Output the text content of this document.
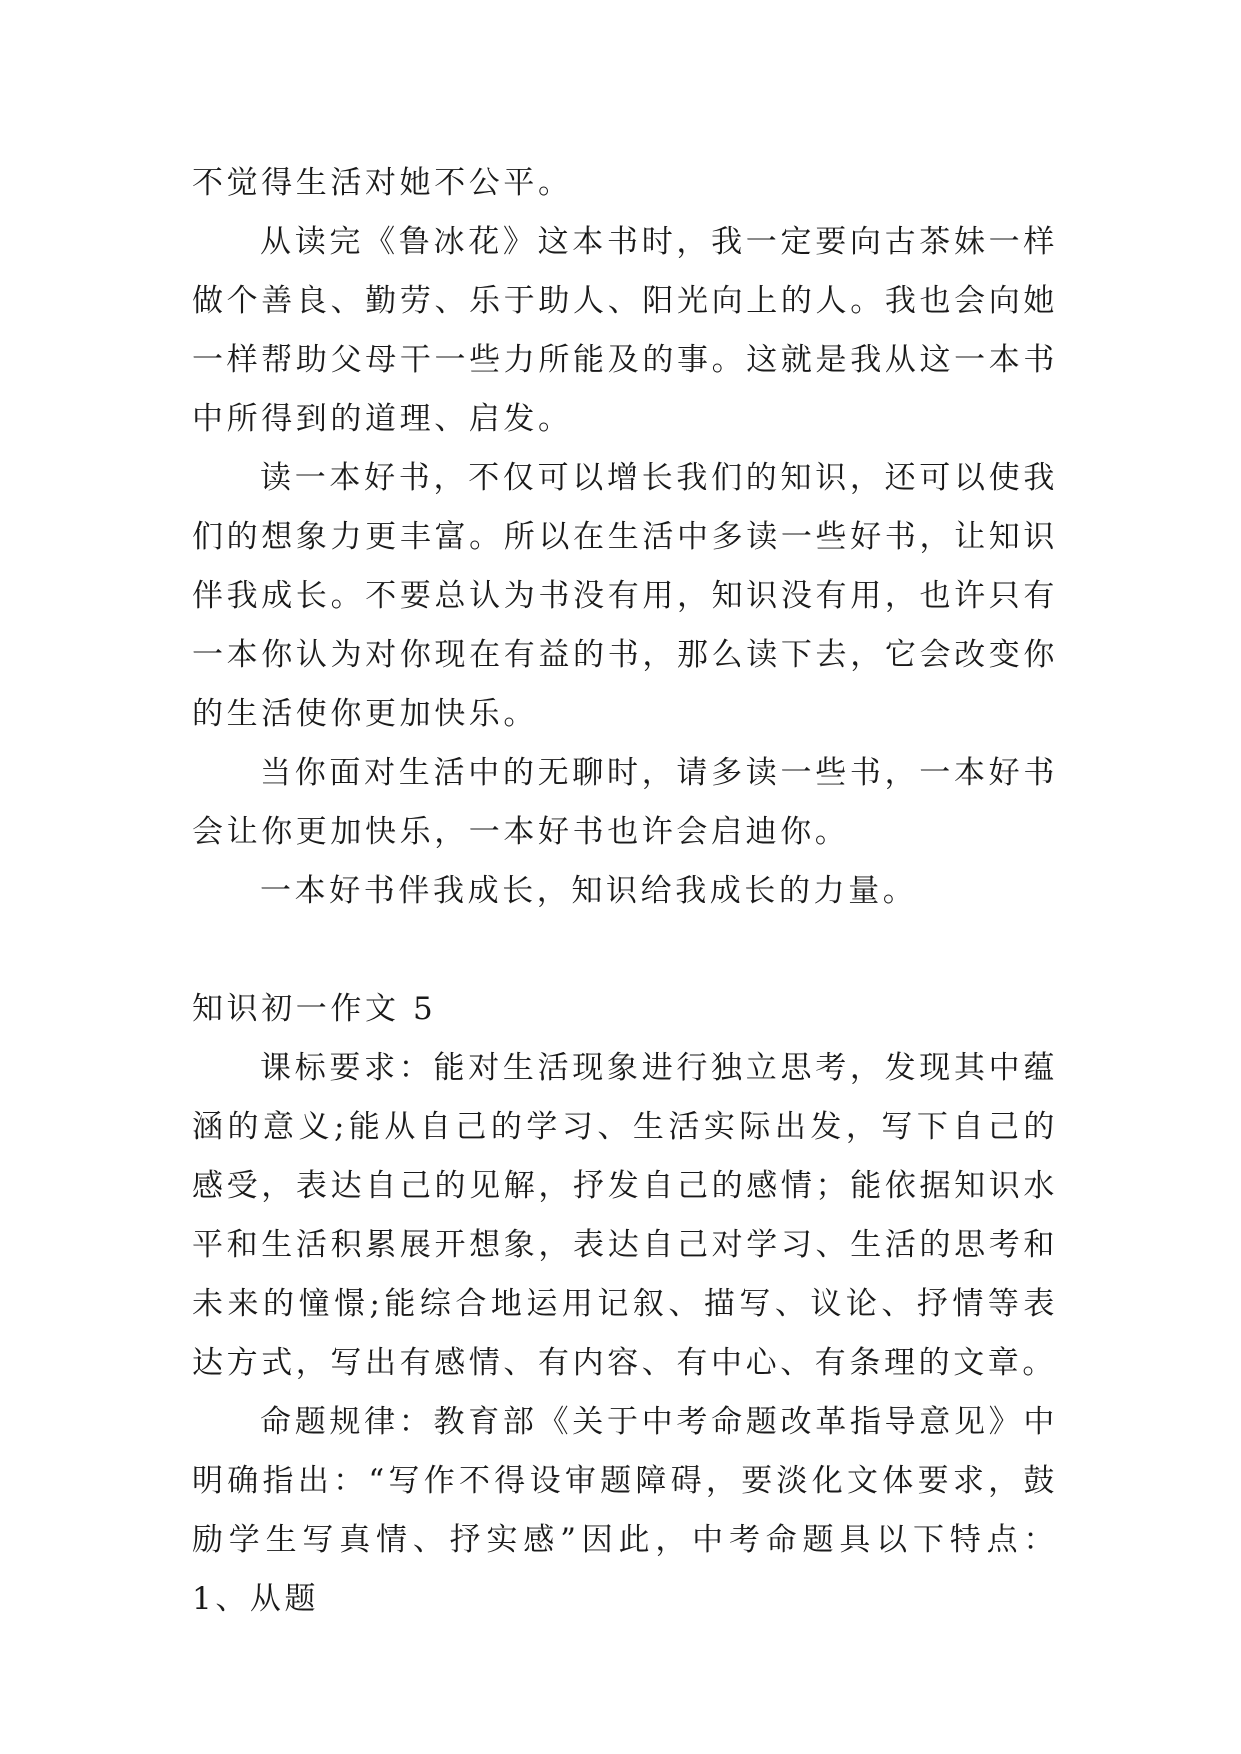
不觉得生活对她不公平。

从读完《鲁冰花》这本书时，我一定要向古茶妹一样做个善良、勤劳、乐于助人、阳光向上的人。我也会向她一样帮助父母干一些力所能及的事。这就是我从这一本书中所得到的道理、启发。

读一本好书，不仅可以增长我们的知识，还可以使我们的想象力更丰富。所以在生活中多读一些好书，让知识伴我成长。不要总认为书没有用，知识没有用，也许只有一本你认为对你现在有益的书，那么读下去，它会改变你的生活使你更加快乐。

当你面对生活中的无聊时，请多读一些书，一本好书会让你更加快乐，一本好书也许会启迪你。

一本好书伴我成长，知识给我成长的力量。

知识初一作文 5

课标要求：能对生活现象进行独立思考，发现其中蕴涵的意义;能从自己的学习、生活实际出发，写下自己的感受，表达自己的见解，抒发自己的感情；能依据知识水平和生活积累展开想象，表达自己对学习、生活的思考和未来的憧憬;能综合地运用记叙、描写、议论、抒情等表达方式，写出有感情、有内容、有中心、有条理的文章。

命题规律：教育部《关于中考命题改革指导意见》中明确指出：“写作不得设审题障碍，要淡化文体要求，鼓励学生写真情、抒实感”因此，中考命题具以下特点：1、从题
